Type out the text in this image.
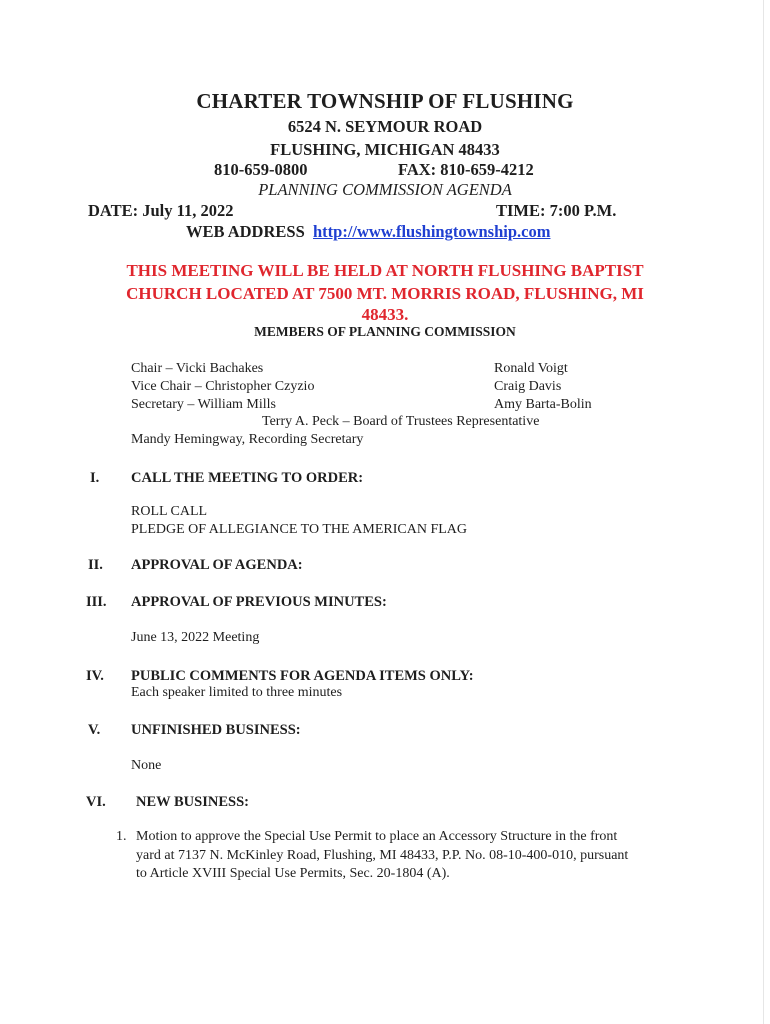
CHARTER TOWNSHIP OF FLUSHING
6524 N. SEYMOUR ROAD
FLUSHING, MICHIGAN 48433
810-659-0800	FAX: 810-659-4212
PLANNING COMMISSION AGENDA
DATE: July 11, 2022	TIME: 7:00 P.M.
WEB ADDRESS http://www.flushingtownship.com
THIS MEETING WILL BE HELD AT NORTH FLUSHING BAPTIST
CHURCH LOCATED AT 7500 MT. MORRIS ROAD, FLUSHING, MI
48433.
MEMBERS OF PLANNING COMMISSION
Chair – Vicki Bachakes
Vice Chair – Christopher Czyzio
Secretary – William Mills
Ronald Voigt
Craig Davis
Amy Barta-Bolin
Terry A. Peck – Board of Trustees Representative
Mandy Hemingway, Recording Secretary
I. CALL THE MEETING TO ORDER:
ROLL CALL
PLEDGE OF ALLEGIANCE TO THE AMERICAN FLAG
II. APPROVAL OF AGENDA:
III. APPROVAL OF PREVIOUS MINUTES:
June 13, 2022 Meeting
IV. PUBLIC COMMENTS FOR AGENDA ITEMS ONLY:
Each speaker limited to three minutes
V. UNFINISHED BUSINESS:
None
VI. NEW BUSINESS:
1. Motion to approve the Special Use Permit to place an Accessory Structure in the front
yard at 7137 N. McKinley Road, Flushing, MI 48433, P.P. No. 08-10-400-010, pursuant
to Article XVIII Special Use Permits, Sec. 20-1804 (A).
